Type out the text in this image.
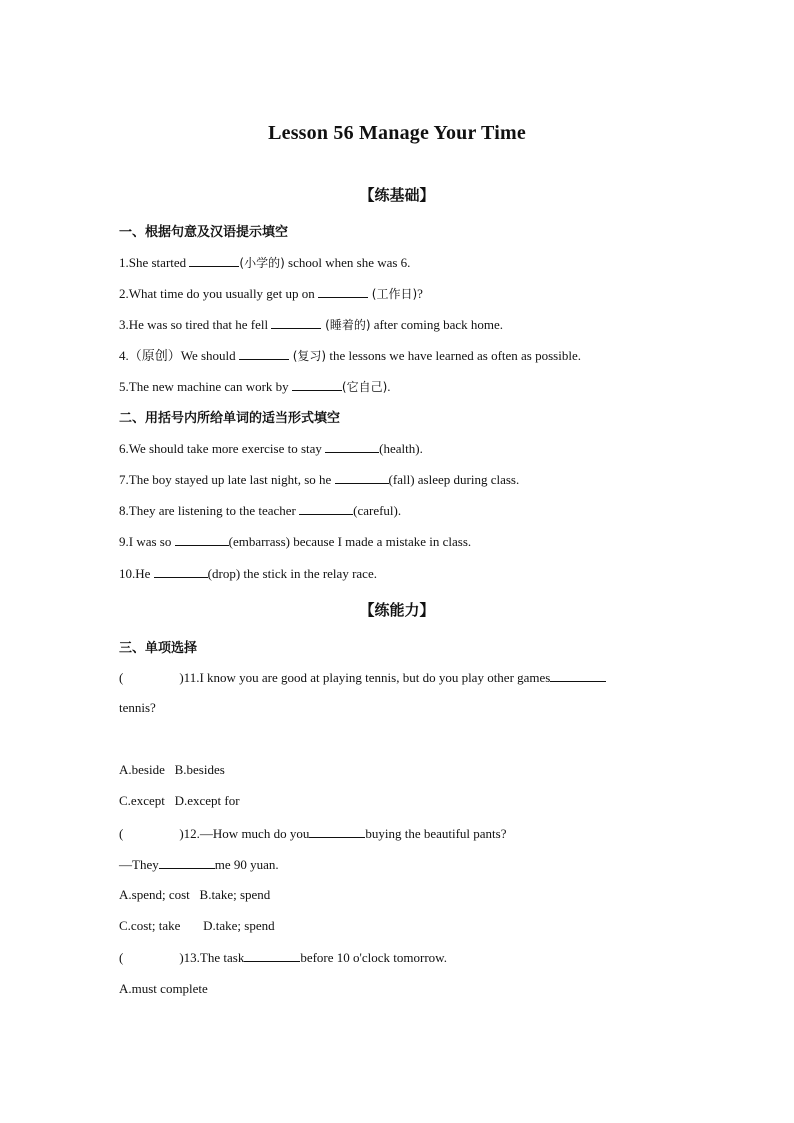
Lesson 56 Manage Your Time
【练基础】
一、根据句意及汉语提示填空
1.She started	(小学的) school when she was 6.
2.What time do you usually get up on	(工作日)?
3.He was so tired that he fell	(睡着的) after coming back home.
4.（原创）We should	(复习) the lessons we have learned as often as possible.
5.The new machine can work by	(它自己).
二、用括号内所给单词的适当形式填空
6.We should take more exercise to stay	(health).
7.The boy stayed up late last night, so he	(fall) asleep during class.
8.They are listening to the teacher	(careful).
9.I was so	(embarrass) because I made a mistake in class.
10.He	(drop) the stick in the relay race.
【练能力】
三、单项选择
(	)11.I know you are good at playing tennis, but do you play other games
tennis?
A.beside   B.besides
C.except   D.except for
(	)12.—How much do you	buying the beautiful pants?
—They	me 90 yuan.
A.spend; cost   B.take; spend
C.cost; take       D.take; spend
(	)13.The task	before 10 o'clock tomorrow.
A.must complete
